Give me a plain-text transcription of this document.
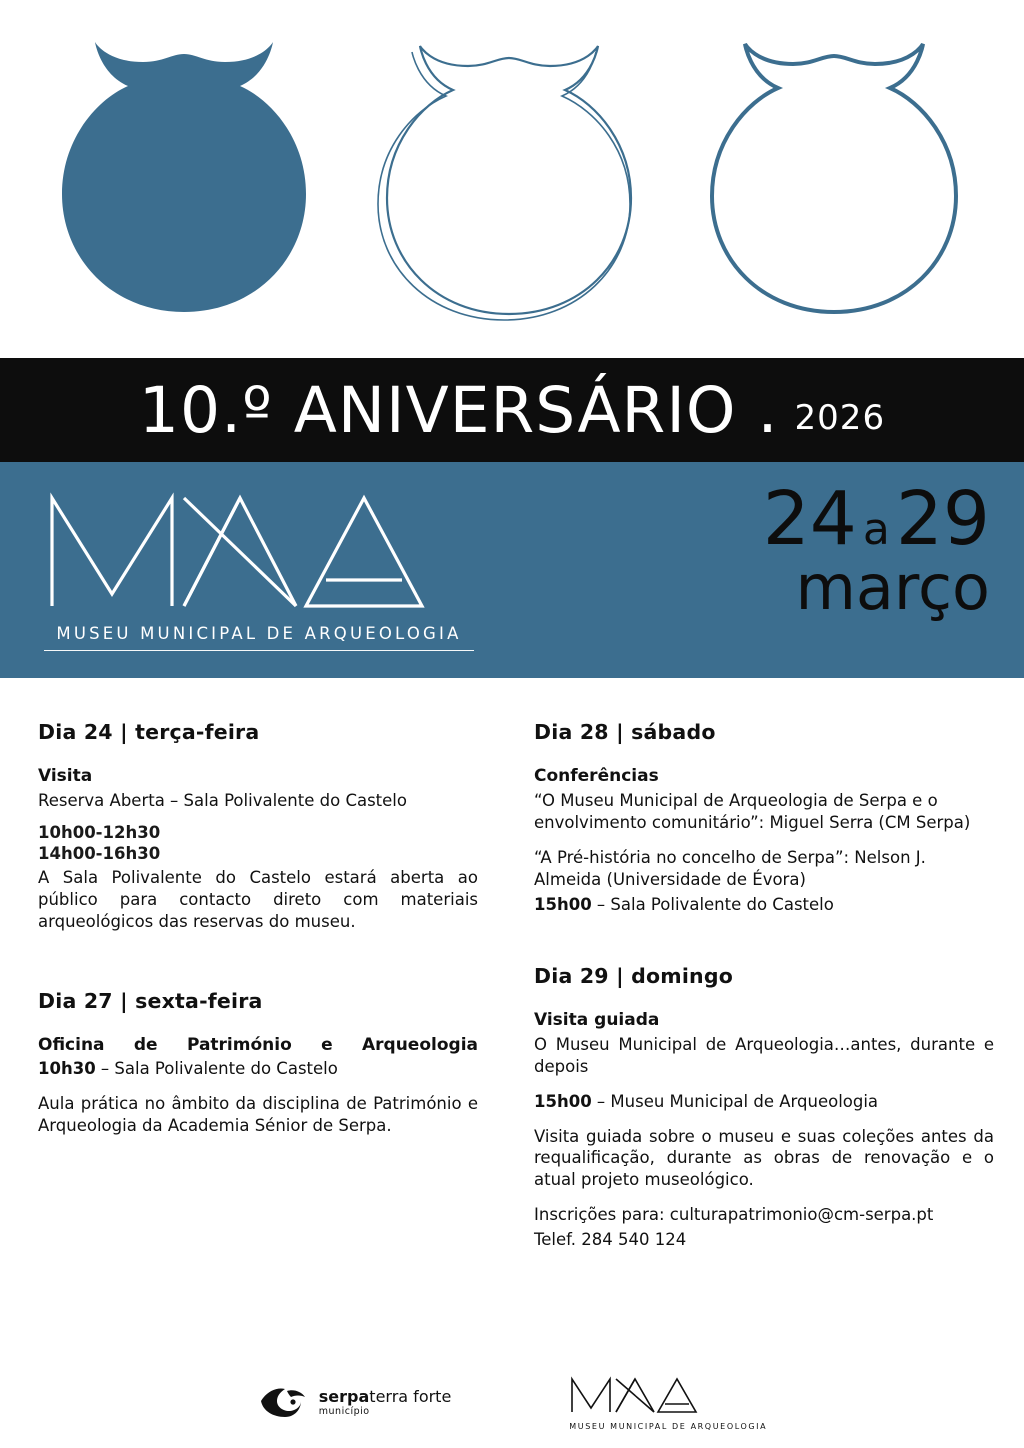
10.º ANIVERSÁRIO . 2026
MUSEU MUNICIPAL DE ARQUEOLOGIA
24 a29
março
Dia 24 | terça-feira
Visita
Reserva Aberta – Sala Polivalente do Castelo
10h00-12h30
14h00-16h30
A Sala Polivalente do Castelo estará aberta ao público para contacto direto com materiais arqueológicos das reservas do museu.
Dia 27 | sexta-feira
Oficina de Património e Arqueologia
10h30 – Sala Polivalente do Castelo
Aula prática no âmbito da disciplina de Património e Arqueologia da Academia Sénior de Serpa.
Dia 28 | sábado
Conferências
“O Museu Municipal de Arqueologia de Serpa e o envolvimento comunitário”: Miguel Serra (CM Serpa)
“A Pré-história no concelho de Serpa”: Nelson J. Almeida (Universidade de Évora)
15h00 – Sala Polivalente do Castelo
Dia 29 | domingo
Visita guiada
O Museu Municipal de Arqueologia…antes, durante e depois
15h00 – Museu Municipal de Arqueologia
Visita guiada sobre o museu e suas coleções antes da requalificação, durante as obras de renovação e o atual projeto museológico.
Inscrições para: culturapatrimonio@cm-serpa.pt
Telef. 284 540 124
serpaterra forte
município
MUSEU MUNICIPAL DE ARQUEOLOGIA
